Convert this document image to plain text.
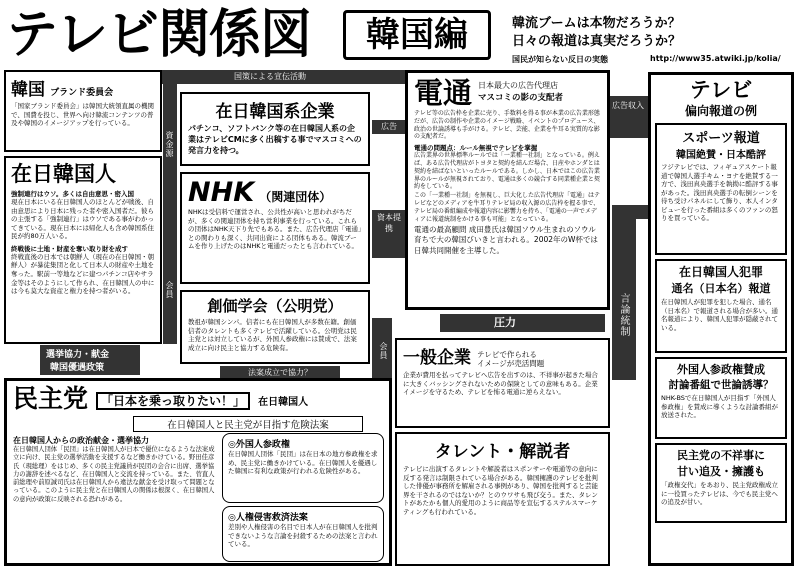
テレビ関係図	韓国編	韓流ブームは本物だろうか？
日々の報道は真実だろうか？
国民が知らない反日の実態	http://www35.atwiki.jp/kolia/
国策による宣伝活動
資金源
会員
広告
資本提携
広告収入
言論統制
圧力
会員
選挙協力・献金
韓国優遇政策	法案成立で協力？
韓国 ブランド委員会
「国家ブランド委員会」は韓国大統領直属の機関で、国費を投じ、世界へ向け韓流コンテンツの普及や韓国のイメージアップを行っている。
在日韓国人
強制連行はウソ。多くは自由意思・密入国
現在日本にいる在日韓国人のほとんどが戦後、自由意思により日本に残った者や密入国者だ。彼らの主張する「強制連行」はウソである事がわかってきている。現在日本には帰化人も含め韓国系住民が約80万人いる。
終戦後に土地・財産を奪い取り財を成す
終戦直後の日本では朝鮮人（現在の在日韓国・朝鮮人）が暴徒集団と化して日本人の財産や土地を奪った。駅前一等地などに建つパチンコ店やサラ金等はそのようにして作られ、在日韓国人の中には今も莫大な資産と権力を持つ者がいる。
在日韓国系企業
パチンコ、ソフトバンク等の在日韓国人系の企業はテレビCMに多く出稿する事でマスコミへの発言力を持つ。
NHK （関連団体）
NHKは受信料で運営され、公共性が高いと思われがちだが、多くの関連団体を持ち営利事業を行っている。これらの団体はNHK天下り先でもある。また、広告代理店「電通」との関わりも深く、共同出資による団体もある。韓流ブームを作り上げたのはNHKと電通だったとも言われている。
創価学会（公明党）
教祖が韓国シンパ。信者にも在日韓国人が多数在籍。創価信者のタレントも多くテレビで活躍している。公明党は民主党とは対立しているが、外国人参政権には賛成で、法案成立に向け民主と協力する危険有。
電通 日本最大の広告代理店
マスコミの影の支配者
テレビ等の広告枠を企業に売り、手数料を得る事が本業の広告業形態だが、広告の制作や企業のイメージ戦略、イベントのプロデュース、政治の世論誘導も手がける。テレビ、芸能、企業を牛耳る実質的な影の支配者だ。
電通の問題点：ルール無視でテレビを掌握
広告業界の世界標準ルールでは「一業種一社制」となっている。例えば、ある広告代理店がトヨタと契約を結んだ場合、日産やホンダとは契約を結ばないといったルールである。しかし、日本ではこの広告業界のルールが無視されており、電通は多くの競合する同業種企業と契約をしている。
この「一業種一社制」を無視し、巨大化した広告代理店「電通」はテレビなどのメディアを牛耳りテレビ局の収入源の広告枠を握る事で、テレビ局の番組編成や報道内容に影響力を持ち、「電通の一声でメディアに報道統制をかける事も可能」となっている。
電通の最高顧問 成田豊氏は韓国ソウル生まれのソウル育ちで大の韓国びいきと言われる。2002年のW杯では日韓共同開催を主導した。
一般企業 テレビで作られる
イメージが売活問題
企業が費用を払ってテレビへ広告を出すのは、不祥事が起きた場合に大きくバッシングされないための保険としての意味もある。企業イメージを守るため、テレビを怖る電通に逆らえない。
タレント・解説者
テレビに出演するタレントや解説者はスポンサーや電通等の意向に反する発言は制限されている場合がある。韓国擁護のテレビを批判した俳優が事務所を解雇される事例があり、韓国を批判すると芸能界を干されるのではないか？とのウワサも飛び交う。また、タレントがあたかも個人的愛用のように商品等を宣伝するステルスマーケティングも行われている。
民主党	「日本を乗っ取りたい！」 在日韓国人
在日韓国人と民主党が目指す危険法案
在日韓国人からの政治献金・選挙協力
在日韓国人団体「民団」は在日韓国人が日本で優位になるような法案成立に向け、民主党の選挙活動を支援するなど働きかけている。野田佳彦氏（現総理）をはじめ、多くの民主党議員が民団の会合に出席、選挙協力の謝辞を述べるなど、在日韓国人と交流を持っている。また、菅直人前総理や前原誠司氏は在日韓国人から違法な献金を受け取って問題となっている。このように民主党と在日韓国人の関係は根深く、在日韓国人の意向が政策に反映される恐れがある。
◎外国人参政権
在日韓国人団体「民団」は在日本の地方参政権を求め、民主党に働きかけている。在日韓国人を優遇した韓国に有利な政策が行われる危険性がある。
◎人権侵害救済法案
差別や人権侵害の名目で日本人が在日韓国人を批判できないような言論を封殺するための法案と言われている。
テレビ
偏向報道の例
スポーツ報道
韓国絶賛・日本酷評
フジテレビでは、フィギュアスケート報道で韓国人選手キム・ヨナを絶賛する一方で、浅田真央選手を執拗に酷評する事があった。浅田真央選手の転倒シーンを待ち受けパネルにして飾り、本人インタビューを行った番組は多くのファンの怒りを買っている。
在日韓国人犯罪
通名（日本名）報道
在日韓国人が犯罪を犯した場合、通名（日本名）で報道される場合が多い。通名報道により、韓国人犯罪が隠蔽されている。
外国人参政権賛成
討論番組で世論誘導？
NHK-BSで在日韓国人が目指す「外国人参政権」を賛成に導くような討論番組が放送された。
民主党の不祥事に
甘い追及・擁護も
「政権交代」をあおり、民主党政権成立に一役買ったテレビは、今でも民主党への追及が甘い。
